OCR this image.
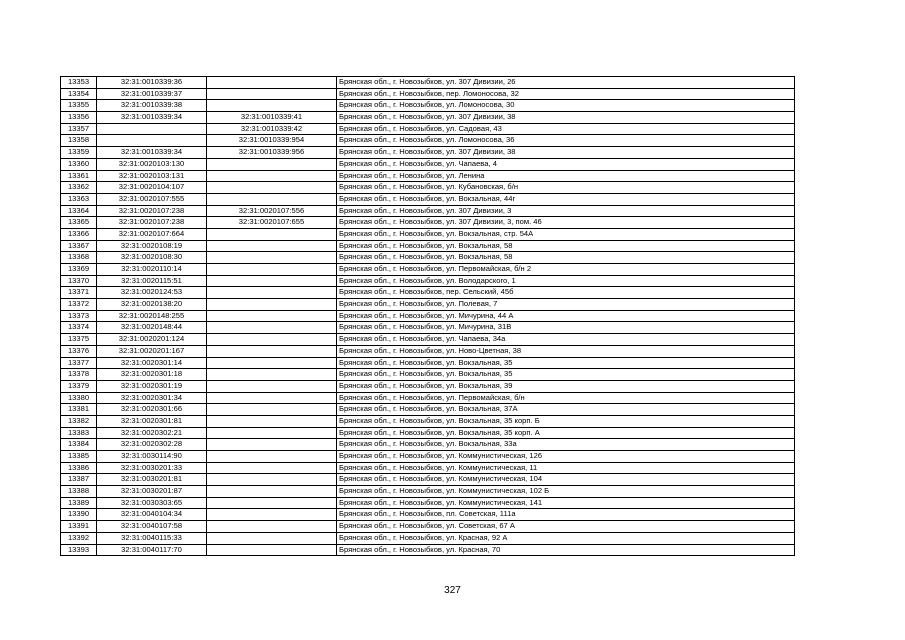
13353	32:31:0010339:36		Брянская обл., г. Новозыбков, ул. 307 Дивизии, 26
13354	32:31:0010339:37		Брянская обл., г. Новозыбков, пер. Ломоносова, 32
13355	32:31:0010339:38		Брянская обл., г. Новозыбков, ул. Ломоносова, 30
13356	32:31:0010339:34	32:31:0010339:41	Брянская обл., г. Новозыбков, ул. 307 Дивизии, 38
13357		32:31:0010339:42	Брянская обл., г. Новозыбков, ул. Садовая, 43
13358		32:31:0010339:954	Брянская обл., г. Новозыбков, ул. Ломоносова, 36
13359	32:31:0010339:34	32:31:0010339:956	Брянская обл., г. Новозыбков, ул. 307 Дивизии, 38
13360	32:31:0020103:130		Брянская обл., г. Новозыбков, ул. Чапаева, 4
13361	32:31:0020103:131		Брянская обл., г. Новозыбков, ул. Ленина
13362	32:31:0020104:107		Брянская обл., г. Новозыбков, ул. Кубановская, б/н
13363	32:31:0020107:555		Брянская обл., г. Новозыбков, ул. Вокзальная, 44г
13364	32:31:0020107:238	32:31:0020107:556	Брянская обл., г. Новозыбков, ул. 307 Дивизии, 3
13365	32:31:0020107:238	32:31:0020107:655	Брянская обл., г. Новозыбков, ул. 307 Дивизии, 3, пом. 46
13366	32:31:0020107:664		Брянская обл., г. Новозыбков, ул. Вокзальная, стр. 54А
13367	32:31:0020108:19		Брянская обл., г. Новозыбков, ул. Вокзальная, 58
13368	32:31:0020108:30		Брянская обл., г. Новозыбков, ул. Вокзальная, 58
13369	32:31:0020110:14		Брянская обл., г. Новозыбков, ул. Первомайская, б/н 2
13370	32:31:0020115:51		Брянская обл., г. Новозыбков, ул. Володарского, 1
13371	32:31:0020124:53		Брянская обл., г. Новозыбков, пер. Сельский, 45б
13372	32:31:0020138:20		Брянская обл., г. Новозыбков, ул. Полевая, 7
13373	32:31:0020148:255		Брянская обл., г. Новозыбков, ул. Мичурина, 44 А
13374	32:31:0020148:44		Брянская обл., г. Новозыбков, ул. Мичурина, 31В
13375	32:31:0020201:124		Брянская обл., г. Новозыбков, ул. Чапаева, 34а
13376	32:31:0020201:167		Брянская обл., г. Новозыбков, ул. Ново-Цветная, 38
13377	32:31:0020301:14		Брянская обл., г. Новозыбков, ул. Вокзальная, 35
13378	32:31:0020301:18		Брянская обл., г. Новозыбков, ул. Вокзальная, 35
13379	32:31:0020301:19		Брянская обл., г. Новозыбков, ул. Вокзальная, 39
13380	32:31:0020301:34		Брянская обл., г. Новозыбков, ул. Первомайская, б/н
13381	32:31:0020301:66		Брянская обл., г. Новозыбков, ул. Вокзальная, 37А
13382	32:31:0020301:81		Брянская обл., г. Новозыбков, ул. Вокзальная, 35 корп. Б
13383	32:31:0020302:21		Брянская обл., г. Новозыбков, ул. Вокзальная, 35 корп. А
13384	32:31:0020302:28		Брянская обл., г. Новозыбков, ул. Вокзальная, 33а
13385	32:31:0030114:90		Брянская обл., г. Новозыбков, ул. Коммунистическая, 126
13386	32:31:0030201:33		Брянская обл., г. Новозыбков, ул. Коммунистическая, 11
13387	32:31:0030201:81		Брянская обл., г. Новозыбков, ул. Коммунистическая, 104
13388	32:31:0030201:87		Брянская обл., г. Новозыбков, ул. Коммунистическая, 102 Б
13389	32:31:0030303:65		Брянская обл., г. Новозыбков, ул. Коммунистическая, 141
13390	32:31:0040104:34		Брянская обл., г. Новозыбков, пл. Советская, 111а
13391	32:31:0040107:58		Брянская обл., г. Новозыбков, ул. Советская, 67 А
13392	32:31:0040115:33		Брянская обл., г. Новозыбков, ул. Красная, 92 А
13393	32:31:0040117:70		Брянская обл., г. Новозыбков, ул. Красная, 70
327
